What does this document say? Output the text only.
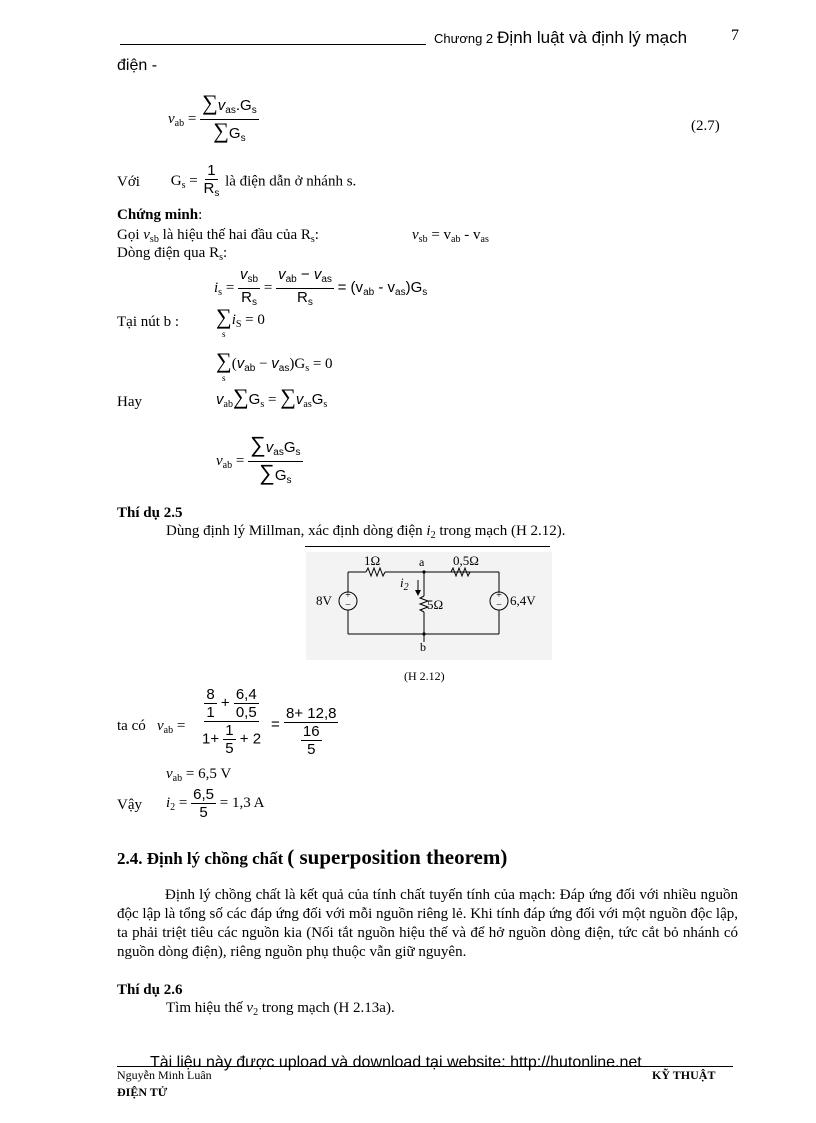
Chương 2 Định luật và định lý mạch	7
điện -
$v_{ab} = \frac{\sum v_{as}.G_s}{\sum G_s}$	(2.7)
Với $G_s = \frac{1}{R_s}$ là điện dẫn ở nhánh s.
Chứng minh:
Gọi $v_{sb}$ là hiệu thế hai đầu của $R_s$:	$v_{sb} = v_{ab} - v_{as}$
Dòng điện qua $R_s$:
$i_s = \frac{v_{sb}}{R_s} = \frac{v_{ab} - v_{as}}{R_s} = (v_{ab} - v_{as})G_s$
Tại nút b : $\sum i_S = 0$
s
$\sum(v_{ab} - v_{as})G_s = 0$
s
Hay	$v_{ab}\sum G_s = \sum v_{as}G_s$
$v_{ab} = \frac{\sum v_{as}G_s}{\sum G_s}$
Thí dụ 2.5
Dùng định lý Millman, xác định dòng điện $i_2$ trong mạch (H 2.12).
+
−
+
−
1Ω	a 0,5Ω
$i_2$
5Ω
8V	6,4V
b
(H 2.12)
ta có $v_{ab} = \frac{\frac{8}{1} + \frac{6,4}{0,5}}{1+ \frac{1}{5} + 2} = \frac{8+ 12,8}{\frac{16}{5}}$
$v_{ab} = 6,5$ V
Vậy $i_2 = \frac{6,5}{5} = 1,3$ A
2.4. Định lý chồng chất ( superposition theorem)
Định lý chồng chất là kết quả của tính chất tuyến tính của mạch: Đáp ứng đối với nhiều nguồn độc lập là tổng số các đáp ứng đối với mỗi nguồn riêng lẻ. Khi tính đáp ứng đối với một nguồn độc lập, ta phải triệt tiêu các nguồn kia (Nối tắt nguồn hiệu thế và để hở nguồn dòng điện, tức cắt bỏ nhánh có nguồn dòng điện), riêng nguồn phụ thuộc vẫn giữ nguyên.
Thí dụ 2.6
Tìm hiệu thế $v_2$ trong mạch (H 2.13a).
Tài liệu này được upload và download tại website: http://hutonline.net
Nguyễn Minh Luân	KỸ THUẬT
ĐIỆN TỬ
